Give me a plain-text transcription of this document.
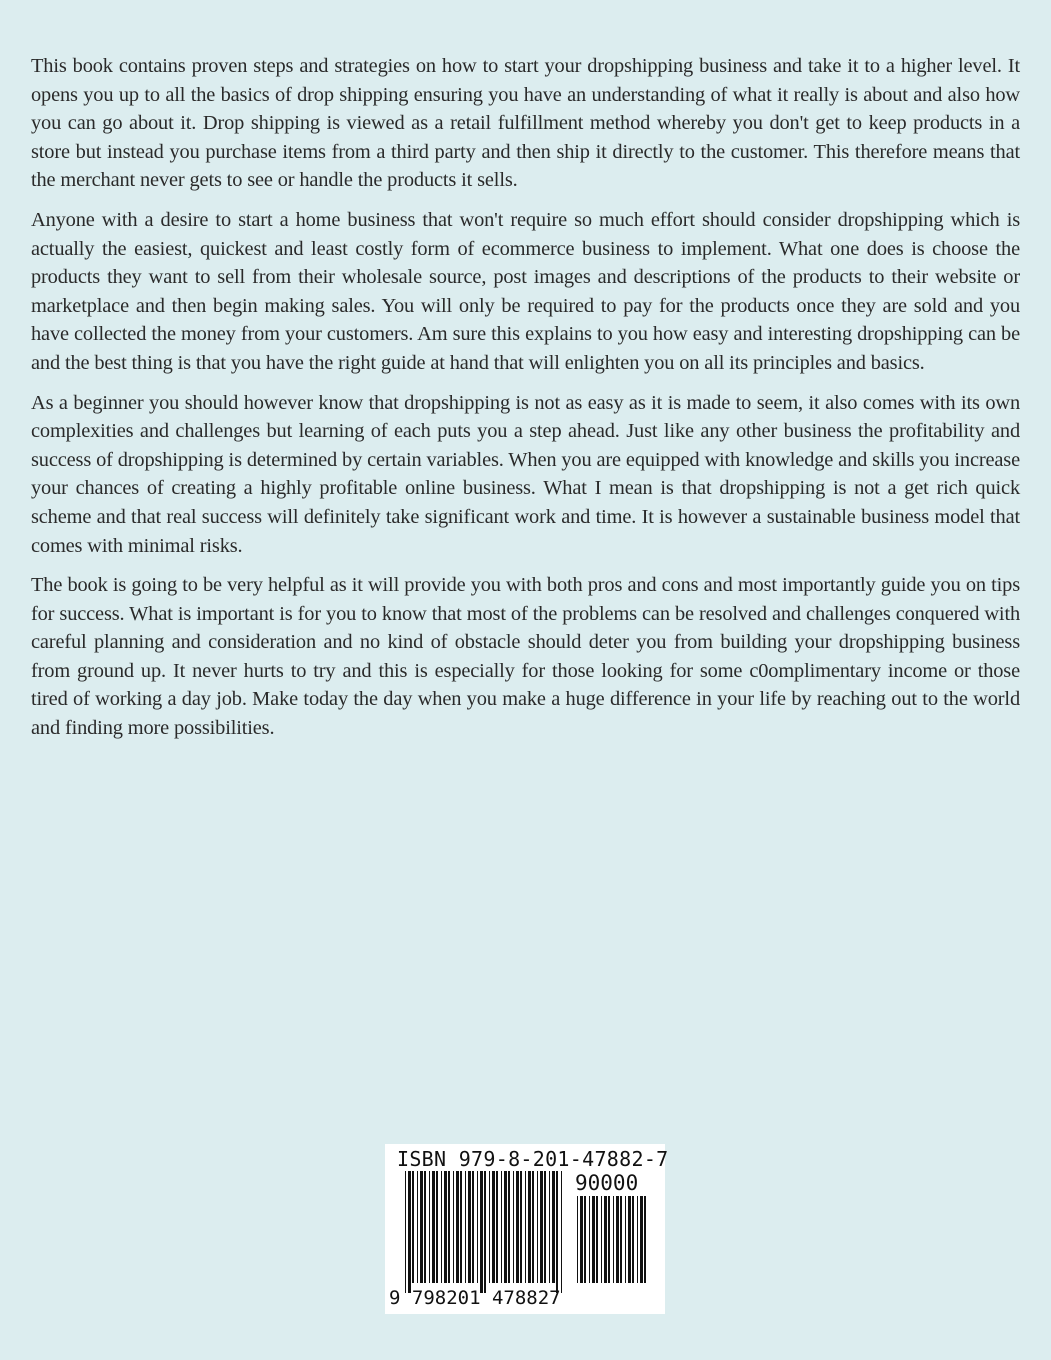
This book contains proven steps and strategies on how to start your dropshipping business and take it to a higher level. It opens you up to all the basics of drop shipping ensuring you have an understanding of what it really is about and also how you can go about it. Drop shipping is viewed as a retail fulfillment method whereby you don't get to keep products in a store but instead you purchase items from a third party and then ship it directly to the customer. This therefore means that the merchant never gets to see or handle the products it sells.

Anyone with a desire to start a home business that won't require so much effort should consider dropshipping which is actually the easiest, quickest and least costly form of ecommerce business to implement. What one does is choose the products they want to sell from their wholesale source, post images and descriptions of the products to their website or marketplace and then begin making sales. You will only be required to pay for the products once they are sold and you have collected the money from your customers. Am sure this explains to you how easy and interesting dropshipping can be and the best thing is that you have the right guide at hand that will enlighten you on all its principles and basics.

As a beginner you should however know that dropshipping is not as easy as it is made to seem, it also comes with its own complexities and challenges but learning of each puts you a step ahead. Just like any other business the profitability and success of dropshipping is determined by certain variables. When you are equipped with knowledge and skills you increase your chances of creating a highly profitable online business. What I mean is that dropshipping is not a get rich quick scheme and that real success will definitely take significant work and time. It is however a sustainable business model that comes with minimal risks.

The book is going to be very helpful as it will provide you with both pros and cons and most importantly guide you on tips for success. What is important is for you to know that most of the problems can be resolved and challenges conquered with careful planning and consideration and no kind of obstacle should deter you from building your dropshipping business from ground up. It never hurts to try and this is especially for those looking for some c0omplimentary income or those tired of working a day job. Make today the day when you make a huge difference in your life by reaching out to the world and finding more possibilities.

ISBN 979-8-201-47882-7
90000
9 798201 478827
